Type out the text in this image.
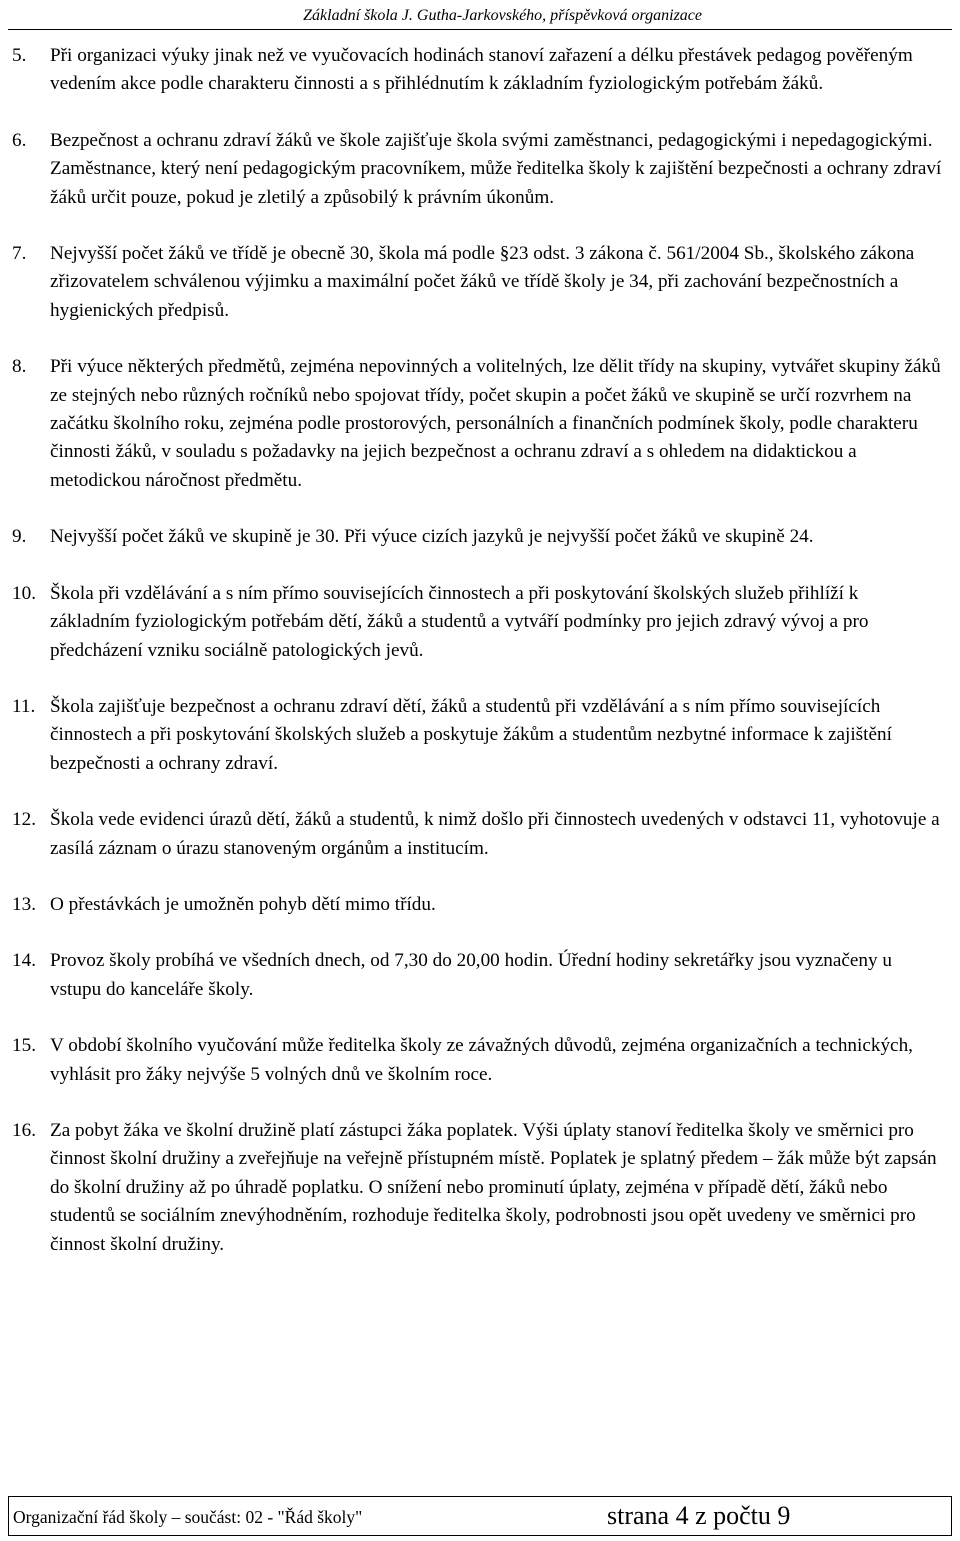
Základní škola J. Gutha-Jarkovského, příspěvková organizace
5. Při organizaci výuky jinak než ve vyučovacích hodinách stanoví zařazení a délku přestávek pedagog pověřeným vedením akce podle charakteru činnosti a s přihlédnutím k základním fyziologickým potřebám žáků.
6. Bezpečnost a ochranu zdraví žáků ve škole zajišťuje škola svými zaměstnanci, pedagogickými i nepedagogickými. Zaměstnance, který není pedagogickým pracovníkem, může ředitelka školy k zajištění bezpečnosti a ochrany zdraví žáků určit pouze, pokud je zletilý a způsobilý k právním úkonům.
7. Nejvyšší počet žáků ve třídě je obecně 30, škola má podle §23 odst. 3 zákona č. 561/2004 Sb., školského zákona zřizovatelem schválenou výjimku a maximální počet žáků ve třídě školy je 34, při zachování bezpečnostních a hygienických předpisů.
8. Při výuce některých předmětů, zejména nepovinných a volitelných, lze dělit třídy na skupiny, vytvářet skupiny žáků ze stejných nebo různých ročníků nebo spojovat třídy, počet skupin a počet žáků ve skupině se určí rozvrhem na začátku školního roku, zejména podle prostorových, personálních a finančních podmínek školy, podle charakteru činnosti žáků, v souladu s požadavky na jejich bezpečnost a ochranu zdraví a s ohledem na didaktickou a metodickou náročnost předmětu.
9. Nejvyšší počet žáků ve skupině je 30. Při výuce cizích jazyků je nejvyšší počet žáků ve skupině 24.
10. Škola při vzdělávání a s ním přímo souvisejících činnostech a při poskytování školských služeb přihlíží k základním fyziologickým potřebám dětí, žáků a studentů a vytváří podmínky pro jejich zdravý vývoj a pro předcházení vzniku sociálně patologických jevů.
11. Škola zajišťuje bezpečnost a ochranu zdraví dětí, žáků a studentů při vzdělávání a s ním přímo souvisejících činnostech a při poskytování školských služeb a poskytuje žákům a studentům nezbytné informace k zajištění bezpečnosti a ochrany zdraví.
12. Škola vede evidenci úrazů dětí, žáků a studentů, k nimž došlo při činnostech uvedených v odstavci 11, vyhotovuje a zasílá záznam o úrazu stanoveným orgánům a institucím.
13. O přestávkách je umožněn pohyb dětí mimo třídu.
14. Provoz školy probíhá ve všedních dnech, od 7,30 do 20,00 hodin. Úřední hodiny sekretářky jsou vyznačeny u vstupu do kanceláře školy.
15. V období školního vyučování může ředitelka školy ze závažných důvodů, zejména organizačních a technických, vyhlásit pro žáky nejvýše 5 volných dnů ve školním roce.
16. Za pobyt žáka ve školní družině platí zástupci žáka poplatek. Výši úplaty stanoví ředitelka školy ve směrnici pro činnost školní družiny a zveřejňuje na veřejně přístupném místě. Poplatek je splatný předem – žák může být zapsán do školní družiny až po úhradě poplatku. O snížení nebo prominutí úplaty, zejména v případě dětí, žáků nebo studentů se sociálním znevýhodněním, rozhoduje ředitelka školy, podrobnosti jsou opět uvedeny ve směrnici pro činnost školní družiny.
Organizační řád školy – součást: 02 - "Řád školy"	strana 4 z počtu 9
